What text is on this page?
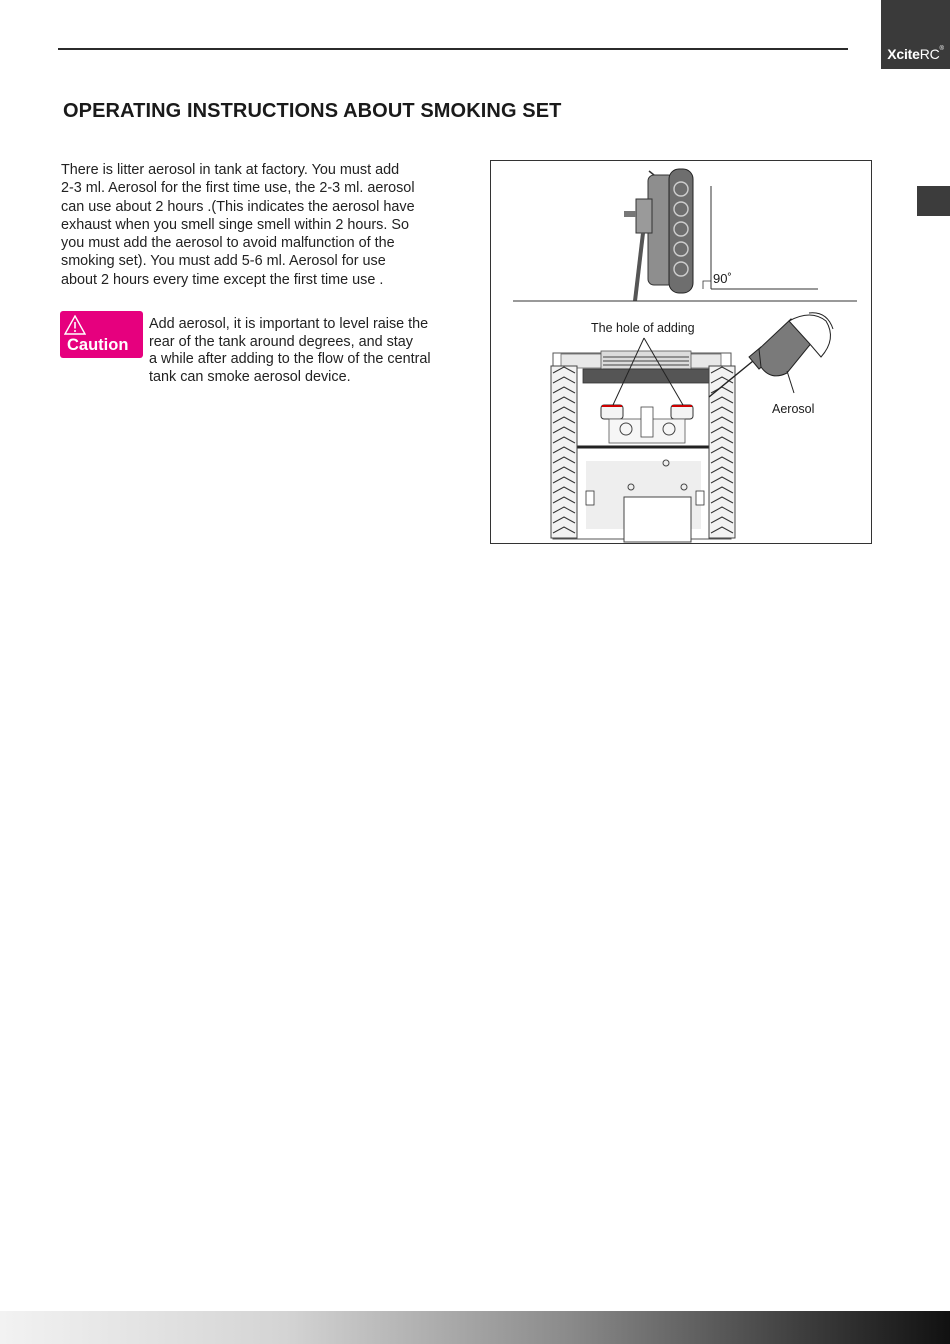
XciteRC®
OPERATING INSTRUCTIONS ABOUT SMOKING SET
There is litter aerosol in tank at factory. You must add
2-3 ml. Aerosol for the first time use, the 2-3 ml. aerosol
can use about 2 hours .(This indicates the aerosol have
exhaust when you smell singe smell within 2 hours. So
you must add the aerosol to avoid malfunction of the
smoking set). You must add 5-6 ml. Aerosol for use
about 2 hours every time except the first time use .
Caution
Add aerosol, it is important to level raise the
rear of the tank around degrees, and stay
a while after adding to the flow of the central
tank can smoke aerosol device.
90˚
The hole of adding
Aerosol
